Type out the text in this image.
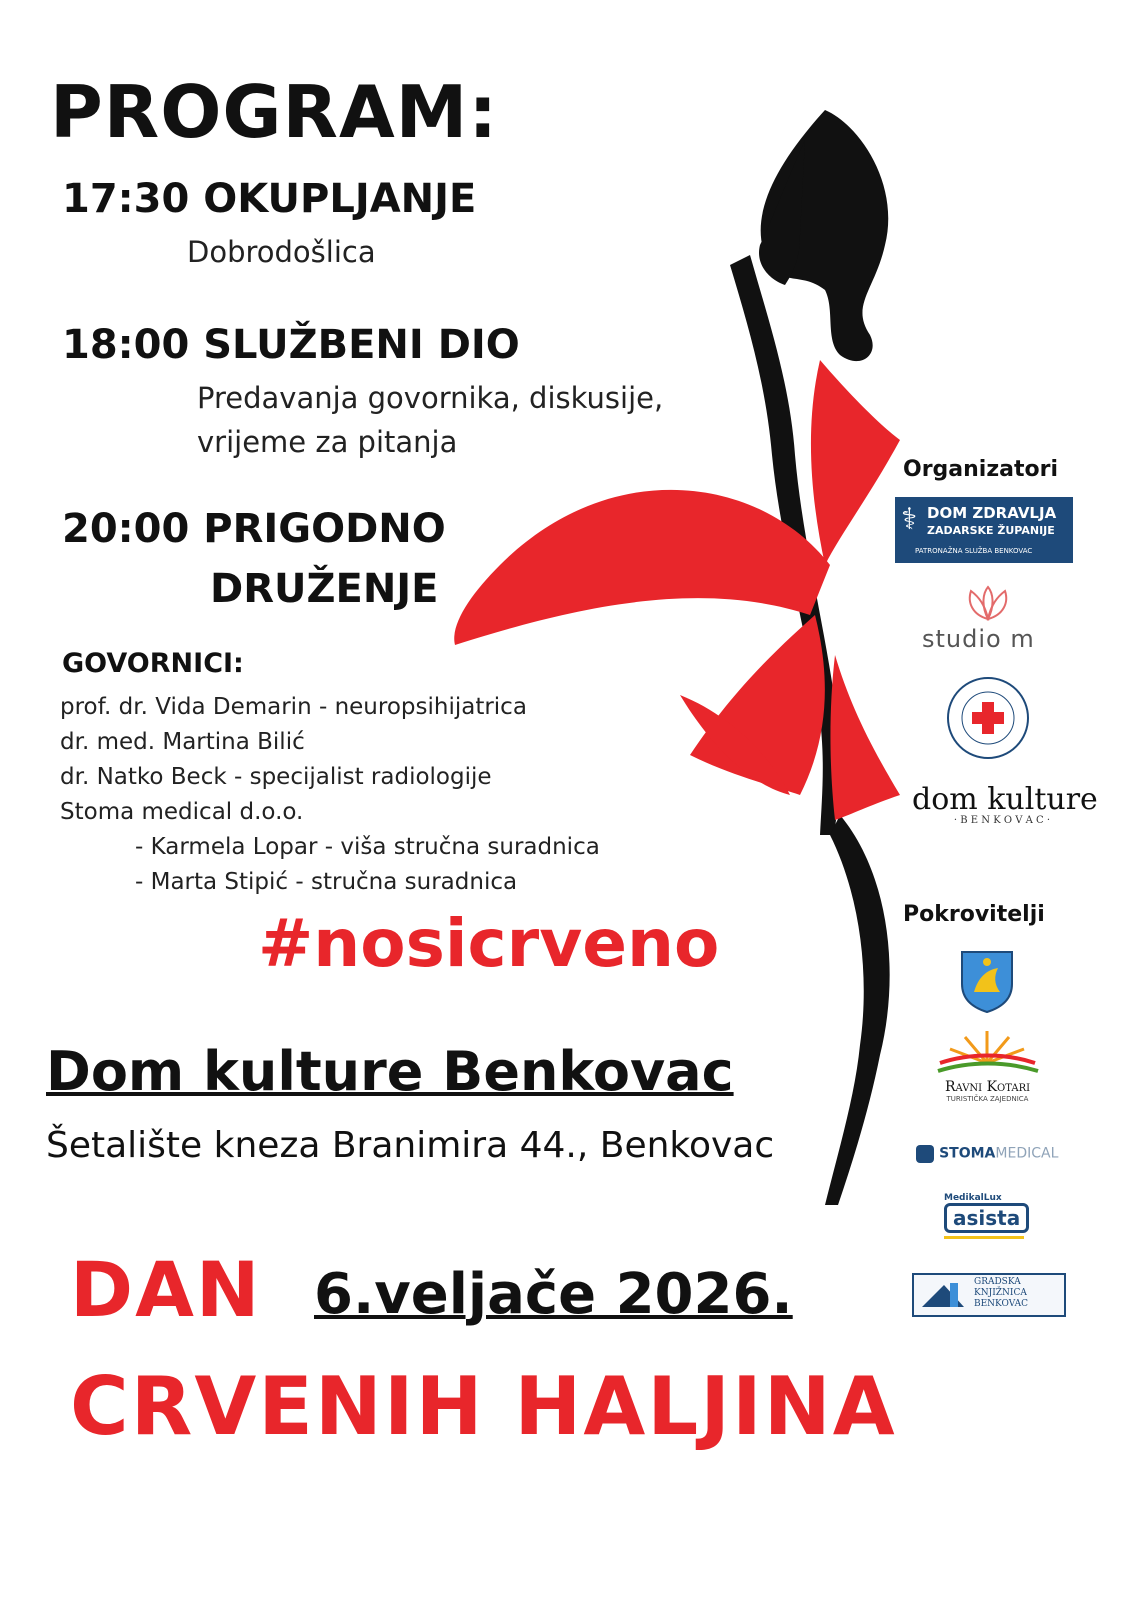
PROGRAM:
17:30 OKUPLJANJE
Dobrodošlica
18:00 SLUŽBENI DIO
Predavanja govornika, diskusije,
vrijeme za pitanja
20:00 PRIGODNO
DRUŽENJE
GOVORNICI:
prof. dr. Vida Demarin - neuropsihijatrica
dr. med. Martina Bilić
dr. Natko Beck - specijalist radiologije
Stoma medical d.o.o.
- Karmela Lopar - viša stručna suradnica
- Marta Stipić - stručna suradnica
#nosicrveno
Dom kulture Benkovac
Šetalište kneza Branimira 44., Benkovac
DAN 6.veljače 2026.
CRVENIH HALJINA
Organizatori
⚕ DOM ZDRAVLJA
ZADARSKE ŽUPANIJE
PATRONAŽNA SLUŽBA BENKOVAC
studio m
dom kulture
· B E N K O V A C ·
Pokrovitelji
Ravni Kotari
TURISTIČKA ZAJEDNICA
STOMAMEDICAL
MedikalLux
asista
GRADSKA
KNJIŽNICA
BENKOVAC
